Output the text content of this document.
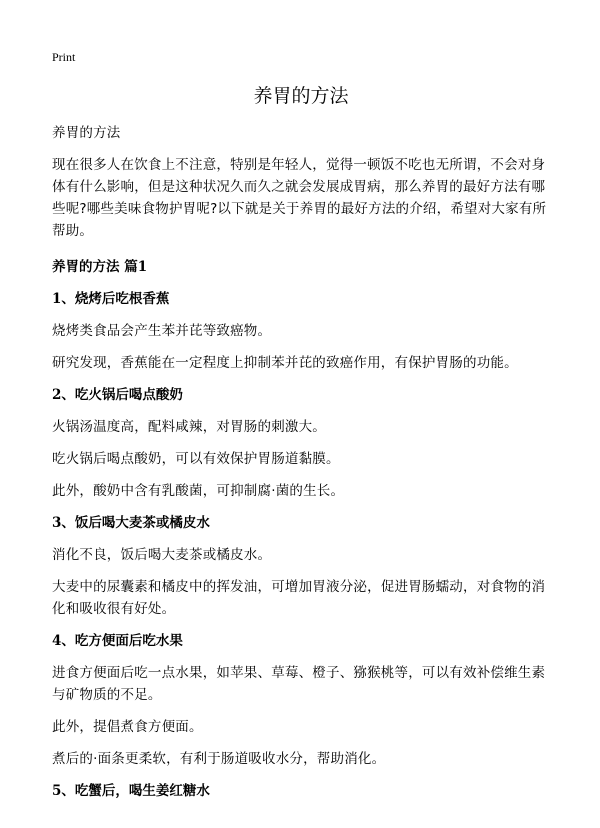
Print
养胃的方法

养胃的方法

现在很多人在饮食上不注意，特别是年轻人，觉得一顿饭不吃也无所谓，不会对身体有什么影响，但是这种状况久而久之就会发展成胃病，那么养胃的最好方法有哪些呢?哪些美味食物护胃呢?以下就是关于养胃的最好方法的介绍，希望对大家有所帮助。

养胃的方法 篇1

1、烧烤后吃根香蕉

烧烤类食品会产生苯并芘等致癌物。

研究发现，香蕉能在一定程度上抑制苯并芘的致癌作用，有保护胃肠的功能。

2、吃火锅后喝点酸奶

火锅汤温度高，配料咸辣，对胃肠的刺激大。

吃火锅后喝点酸奶，可以有效保护胃肠道黏膜。

此外，酸奶中含有乳酸菌，可抑制腐·菌的生长。

3、饭后喝大麦茶或橘皮水

消化不良，饭后喝大麦茶或橘皮水。

大麦中的尿囊素和橘皮中的挥发油，可增加胃液分泌，促进胃肠蠕动，对食物的消化和吸收很有好处。

4、吃方便面后吃水果

进食方便面后吃一点水果，如苹果、草莓、橙子、猕猴桃等，可以有效补偿维生素与矿物质的不足。

此外，提倡煮食方便面。

煮后的·面条更柔软，有利于肠道吸收水分，帮助消化。

5、吃蟹后，喝生姜红糖水
